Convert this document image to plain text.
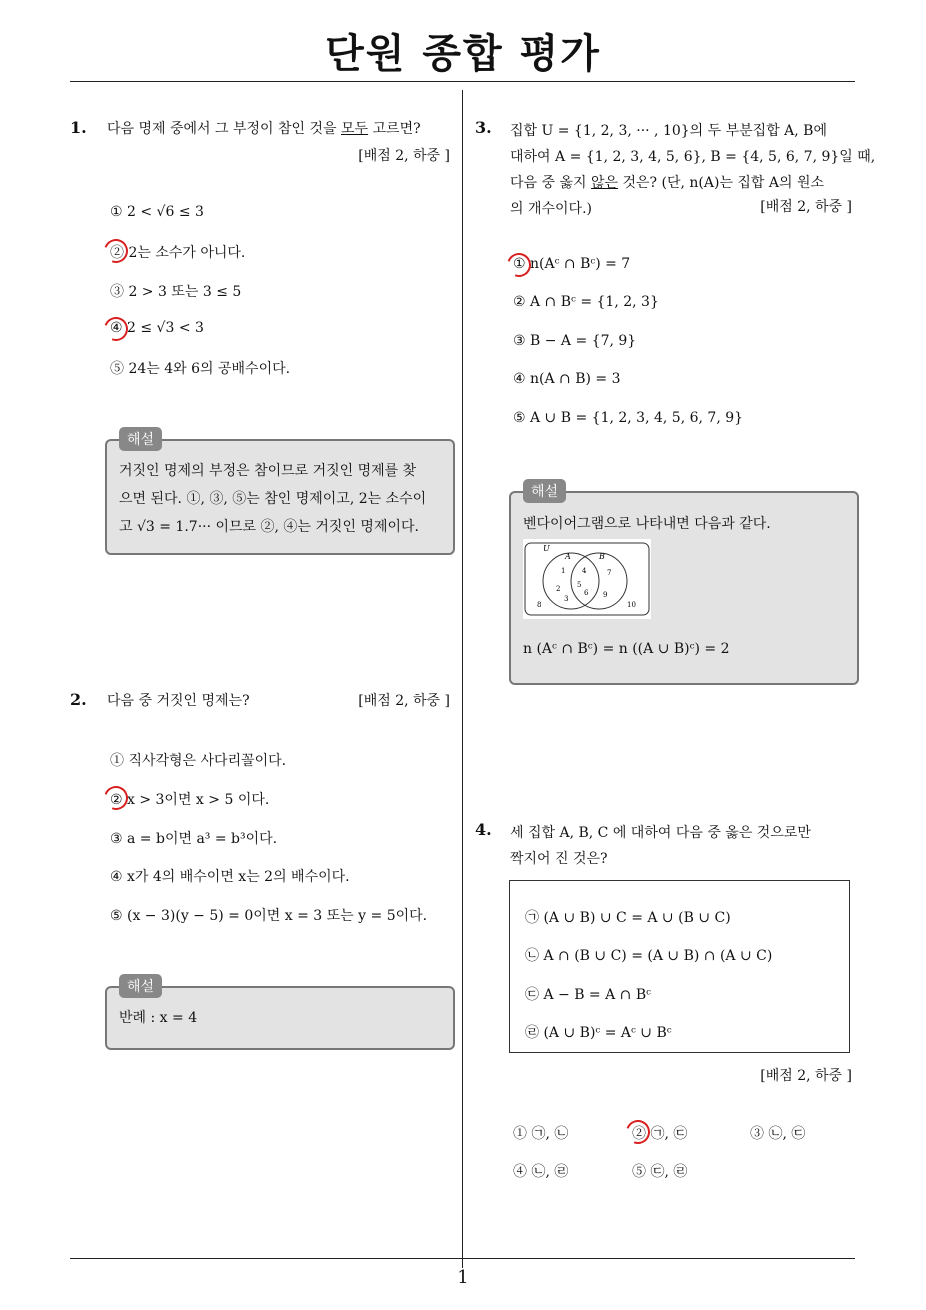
단원 종합 평가
1. 다음 명제 중에서 그 부정이 참인 것을 모두 고르면?
[배점 2, 하중 ]
① 2 < √6 ≤ 3
② 2는 소수가 아니다.
③ 2 > 3 또는 3 ≤ 5
④ 2 ≤ √3 < 3
⑤ 24는 4와 6의 공배수이다.
해설
거짓인 명제의 부정은 참이므로 거짓인 명제를 찾
으면 된다. ①, ③, ⑤는 참인 명제이고, 2는 소수이
고 √3 = 1.7··· 이므로 ②, ④는 거짓인 명제이다.
2. 다음 중 거짓인 명제는?	[배점 2, 하중 ]
① 직사각형은 사다리꼴이다.
② x > 3이면 x > 5 이다.
③ a = b이면 a³ = b³이다.
④ x가 4의 배수이면 x는 2의 배수이다.
⑤ (x − 3)(y − 5) = 0이면 x = 3 또는 y = 5이다.
해설
반례 : x = 4
3. 집합 U = {1, 2, 3, ··· , 10}의 두 부분집합 A, B에
대하여 A = {1, 2, 3, 4, 5, 6}, B = {4, 5, 6, 7, 9}일 때,
다음 중 옳지 않은 것은? (단, n(A)는 집합 A의 원소
의 개수이다.)	[배점 2, 하중 ]
① n(Aᶜ ∩ Bᶜ) = 7
② A ∩ Bᶜ = {1, 2, 3}
③ B − A = {7, 9}
④ n(A ∩ B) = 3
⑤ A ∪ B = {1, 2, 3, 4, 5, 6, 7, 9}
해설
벤다이어그램으로 나타내면 다음과 같다.
U
A	B
1
2
3
4
5
6
7
8
9
10
n (Aᶜ ∩ Bᶜ) = n ((A ∪ B)ᶜ) = 2
4. 세 집합 A, B, C 에 대하여 다음 중 옳은 것으로만
짝지어 진 것은?
㉠ (A ∪ B) ∪ C = A ∪ (B ∪ C)
㉡ A ∩ (B ∪ C) = (A ∪ B) ∩ (A ∪ C)
㉢ A − B = A ∩ Bᶜ
㉣ (A ∪ B)ᶜ = Aᶜ ∪ Bᶜ
[배점 2, 하중 ]
① ㉠, ㉡	② ㉠, ㉢	③ ㉡, ㉢
④ ㉡, ㉣	⑤ ㉢, ㉣
1
